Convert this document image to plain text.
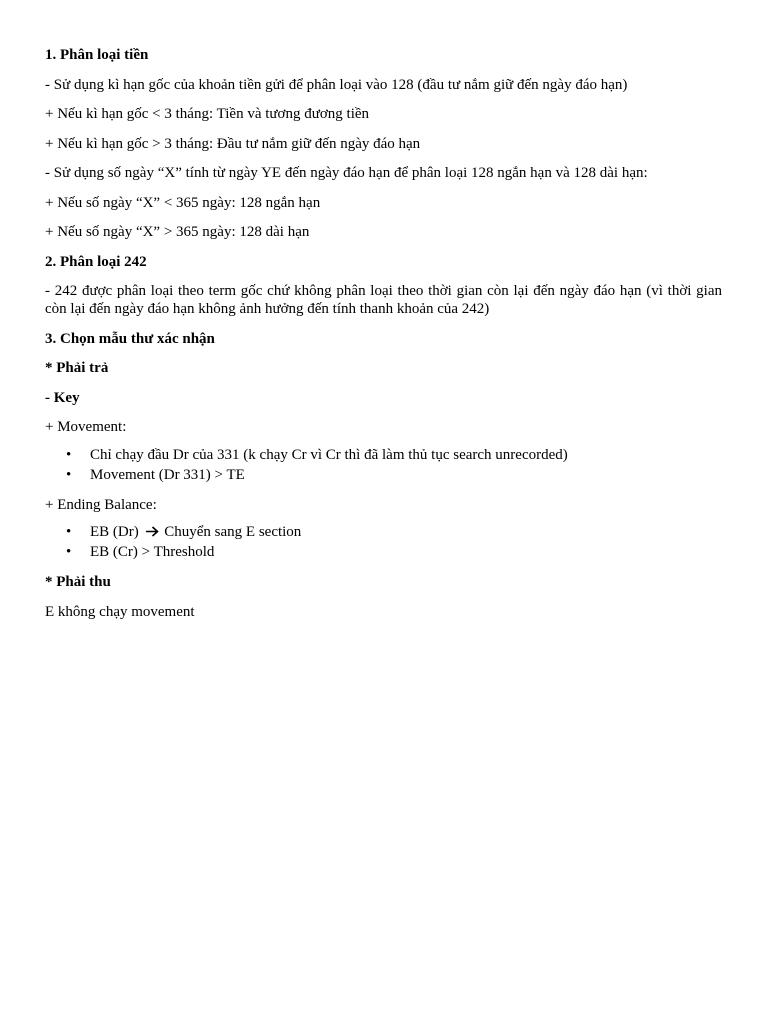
1. Phân loại tiền
- Sử dụng kì hạn gốc của khoản tiền gửi để phân loại vào 128 (đầu tư nắm giữ đến ngày đáo hạn)
+ Nếu kì hạn gốc < 3 tháng: Tiền và tương đương tiền
+ Nếu kì hạn gốc > 3 tháng: Đầu tư nắm giữ đến ngày đáo hạn
- Sử dụng số ngày “X” tính từ ngày YE đến ngày đáo hạn để phân loại 128 ngắn hạn và 128 dài hạn:
+ Nếu số ngày “X” < 365 ngày: 128 ngắn hạn
+ Nếu số ngày “X” > 365 ngày: 128 dài hạn
2. Phân loại 242
- 242 được phân loại theo term gốc chứ không phân loại theo thời gian còn lại đến ngày đáo hạn (vì thời gian còn lại đến ngày đáo hạn không ảnh hưởng đến tính thanh khoản của 242)
3. Chọn mẫu thư xác nhận
* Phải trả
- Key
+ Movement:
• Chỉ chạy đầu Dr của 331 (k chạy Cr vì Cr thì đã làm thủ tục search unrecorded)
• Movement (Dr 331) > TE
+ Ending Balance:
• EB (Dr) Chuyển sang E section
• EB (Cr) > Threshold
* Phải thu
E không chạy movement
